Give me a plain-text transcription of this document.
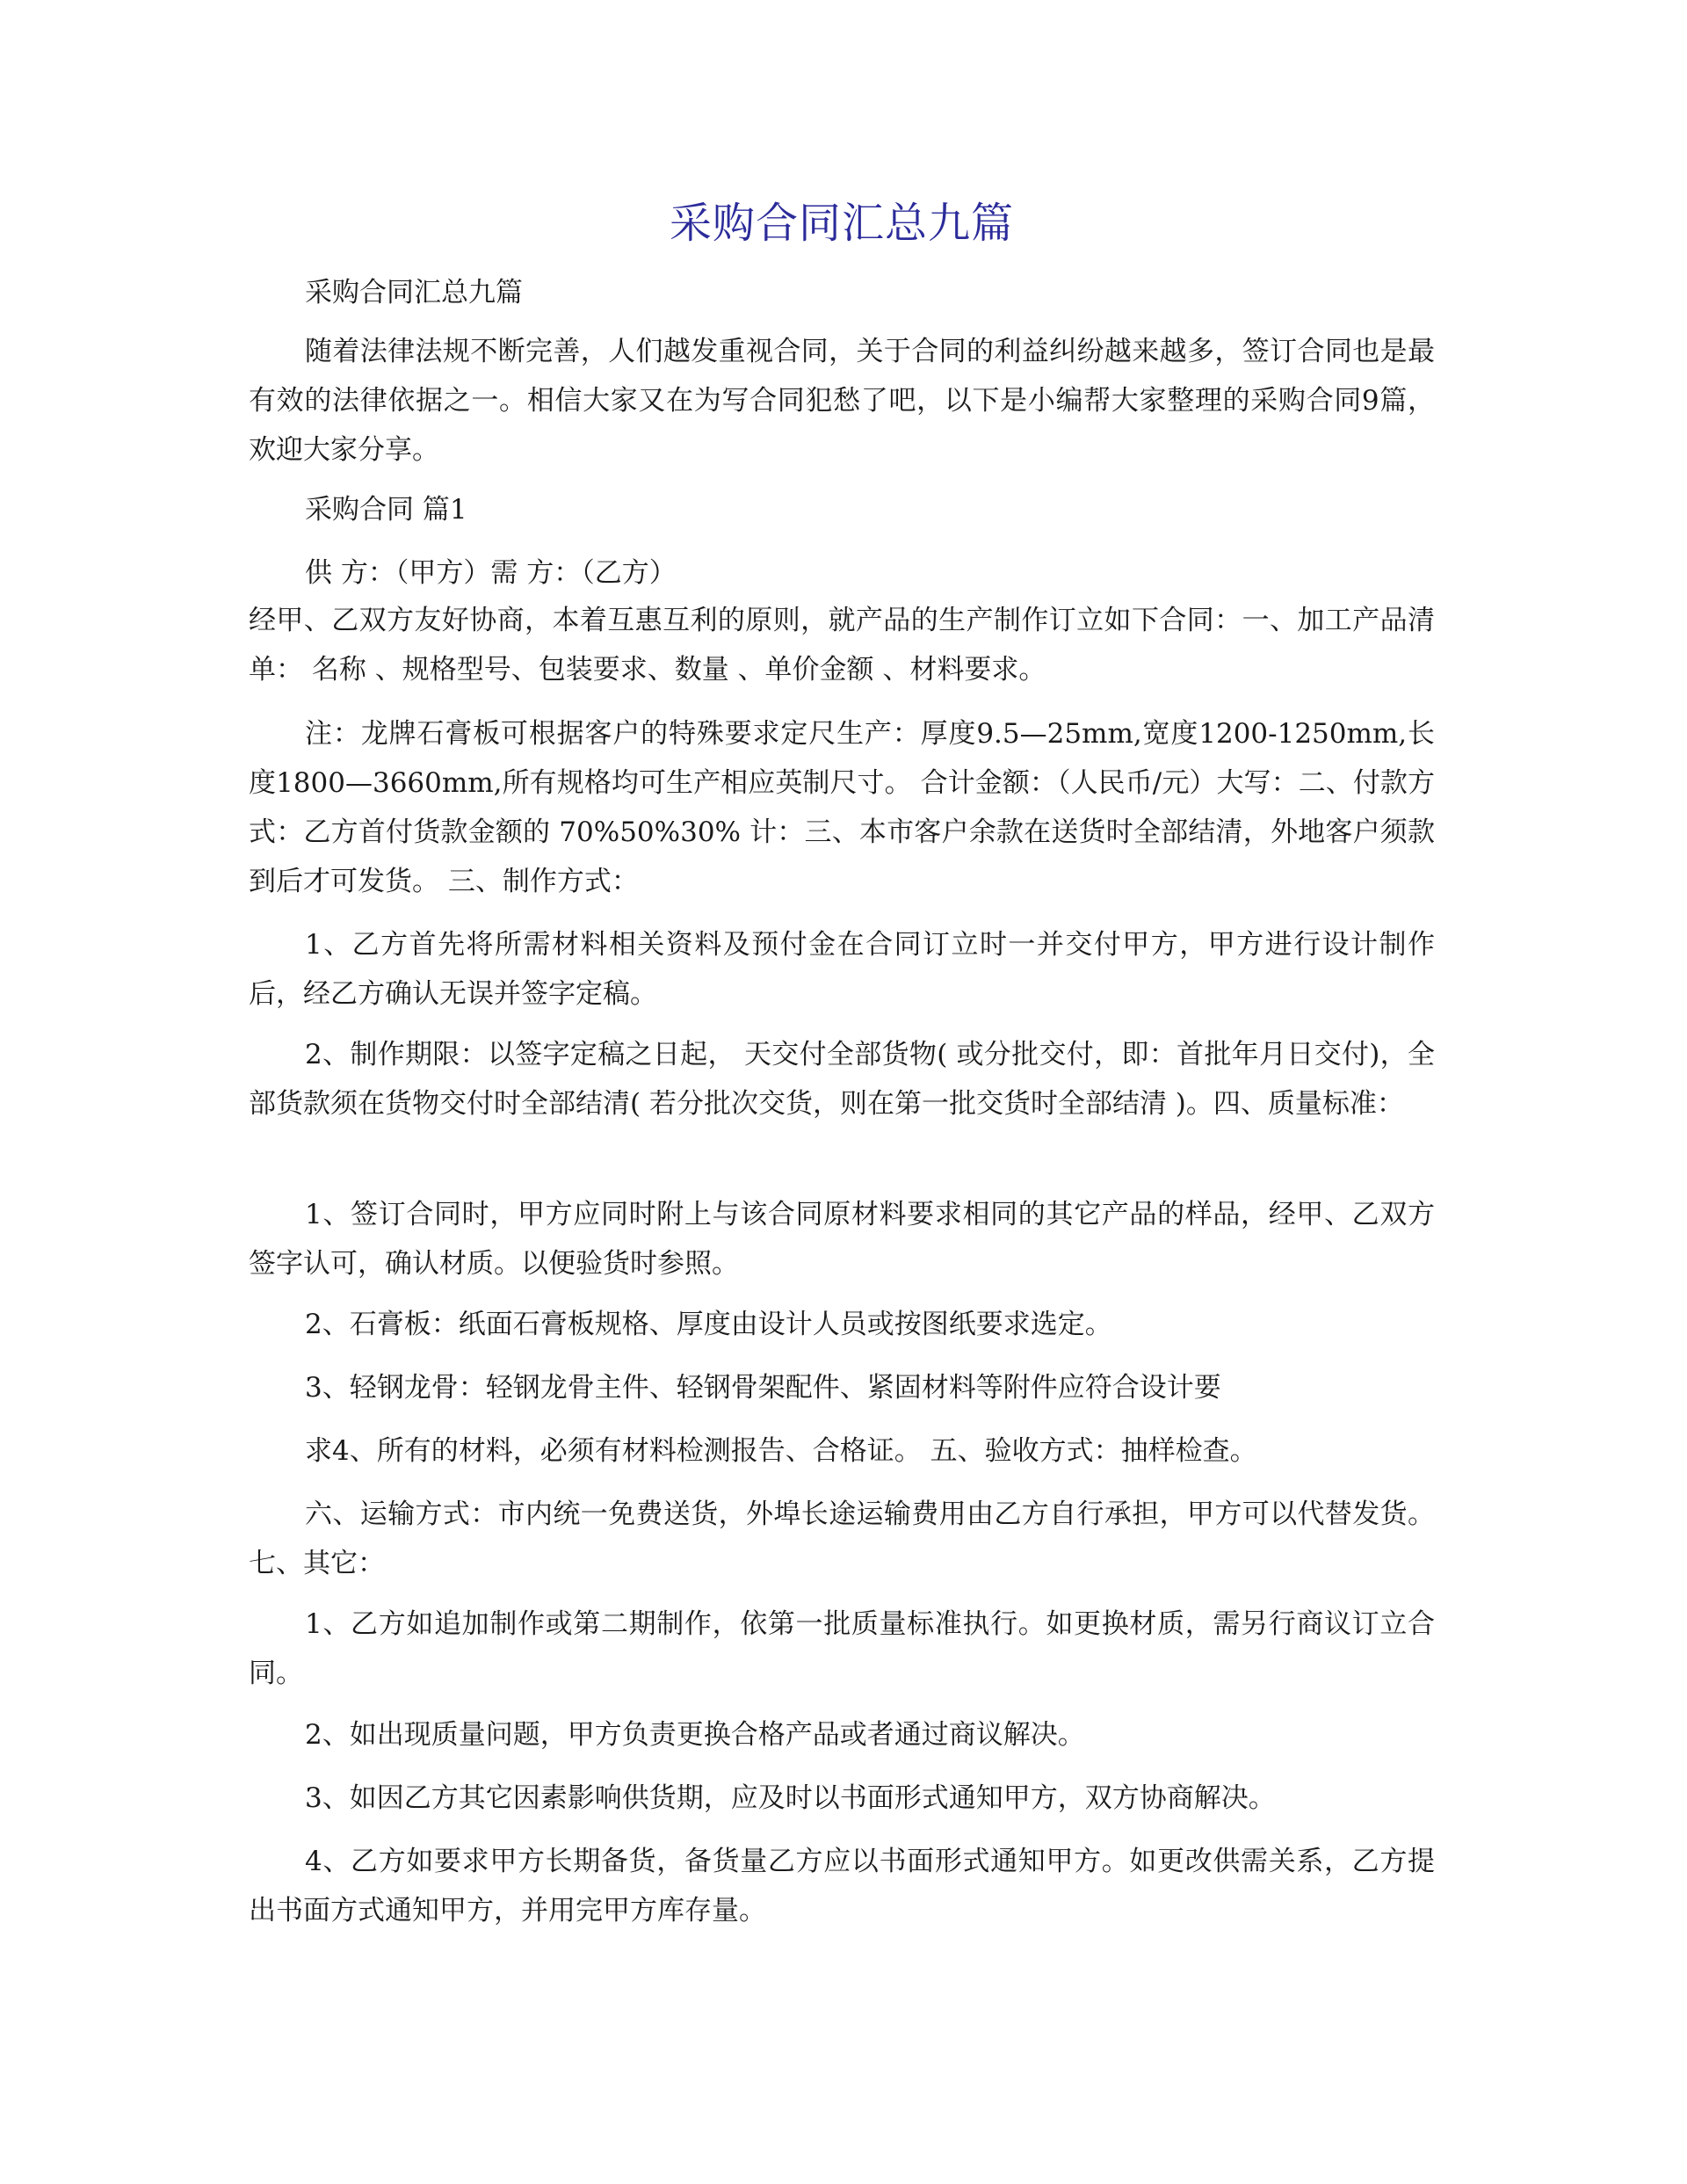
采购合同汇总九篇

采购合同汇总九篇

随着法律法规不断完善，人们越发重视合同，关于合同的利益纠纷越来越多，签订合同也是最有效的法律依据之一。相信大家又在为写合同犯愁了吧，以下是小编帮大家整理的采购合同9篇，欢迎大家分享。

采购合同 篇1

供 方：（甲方）需 方：（乙方）

经甲、乙双方友好协商，本着互惠互利的原则，就产品的生产制作订立如下合同：一、加工产品清单： 名称 、规格型号、包装要求、数量 、单价金额 、材料要求。

注：龙牌石膏板可根据客户的特殊要求定尺生产：厚度9.5—25mm,宽度1200-1250mm,长度1800—3660mm,所有规格均可生产相应英制尺寸。 合计金额：（人民币/元）大写：二、付款方式：乙方首付货款金额的 70%50%30% 计：三、本市客户余款在送货时全部结清，外地客户须款到后才可发货。 三、制作方式：

1、乙方首先将所需材料相关资料及预付金在合同订立时一并交付甲方，甲方进行设计制作后，经乙方确认无误并签字定稿。

2、制作期限：以签字定稿之日起， 天交付全部货物( 或分批交付，即：首批年月日交付)，全部货款须在货物交付时全部结清( 若分批次交货，则在第一批交货时全部结清 )。四、质量标准：

1、签订合同时，甲方应同时附上与该合同原材料要求相同的其它产品的样品，经甲、乙双方签字认可，确认材质。以便验货时参照。

2、石膏板：纸面石膏板规格、厚度由设计人员或按图纸要求选定。

3、轻钢龙骨：轻钢龙骨主件、轻钢骨架配件、紧固材料等附件应符合设计要

求4、所有的材料，必须有材料检测报告、合格证。 五、验收方式：抽样检查。

六、运输方式：市内统一免费送货，外埠长途运输费用由乙方自行承担，甲方可以代替发货。 七、其它：

1、乙方如追加制作或第二期制作，依第一批质量标准执行。如更换材质，需另行商议订立合同。

2、如出现质量问题，甲方负责更换合格产品或者通过商议解决。

3、如因乙方其它因素影响供货期，应及时以书面形式通知甲方，双方协商解决。

4、乙方如要求甲方长期备货，备货量乙方应以书面形式通知甲方。如更改供需关系，乙方提出书面方式通知甲方，并用完甲方库存量。
